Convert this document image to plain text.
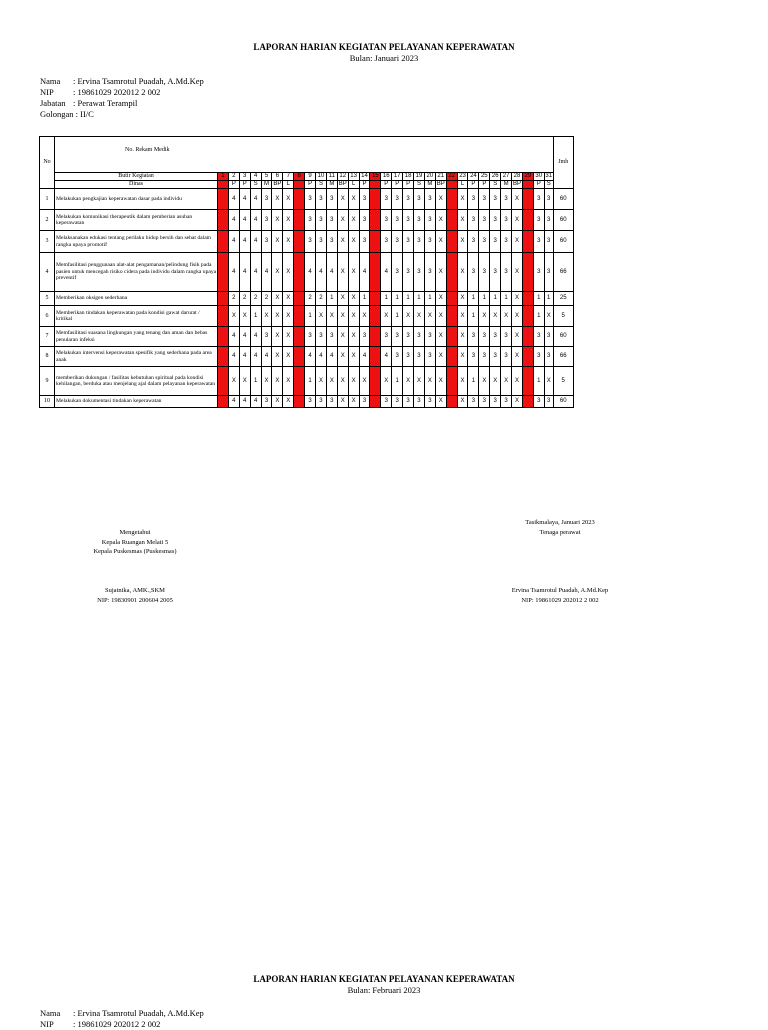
LAPORAN HARIAN KEGIATAN PELAYANAN KEPERAWATAN
Bulan: Januari 2023
Nama	: Ervina Tsamrotul Puadah, A.Md.Kep
NIP	: 19861029 202012 2 002
Jabatan : Perawat Terampil
Golongan
: II/C
No	No. Rekam Medik																																Jmh
	Butir Kegiatan	1	2	3	4	5	6	7	8	9	10	11	12	13	14	15	16	17	18	19	20	21	22	23	24	25	26	27	28	29	30	31	
	Dinas		P	P	S	M	BP	L		P	S	M	BP	L	P		P	P	P	S	M	BP		L	P	P	S	M	BP		P	S	
1	Melakukan pengkajian keperawatan dasar pada individu		4	4	4	3	X	X		3	3	3	X	X	3		3	3	3	3	3	X		X	3	3	3	3	X		3	3	60
2	Melakukan komunikasi therapeutik dalam pemberian asuhan keperawatan		4	4	4	3	X	X		3	3	3	X	X	3		3	3	3	3	3	X		X	3	3	3	3	X		3	3	60
3	Melaksanakan edukasi tentang perilaku hidup bersih dan sehat dalam rangka upaya promotif		4	4	4	3	X	X		3	3	3	X	X	3		3	3	3	3	3	X		X	3	3	3	3	X		3	3	60
4	Memfasilitasi penggunaan alat-alat pengamanan/pelindung fisik pada pasien untuk mencegah risiko cidera pada individu dalam rangka upaya preventif		4	4	4	4	X	X		4	4	4	X	X	4		4	3	3	3	3	X		X	3	3	3	3	X		3	3	66
5	Memberikan oksigen sederhana		2	2	2	2	X	X		2	2	1	X	X	1		1	1	1	1	1	X		X	1	1	1	1	X		1	1	25
6	Memberikan tindakan keperawatan pada kondisi gawat darurat / kritikal		X	X	1	X	X	X		1	X	X	X	X	X		X	1	X	X	X	X		X	1	X	X	X	X		1	X	5
7	Memfasilitasi suasana lingkungan yang tenang dan aman dan bebas penularan infeksi		4	4	4	3	X	X		3	3	3	X	X	3		3	3	3	3	3	X		X	3	3	3	3	X		3	3	60
8	Melakukan intervensi keperawatan spesifik yang sederhana pada area anak		4	4	4	4	X	X		4	4	4	X	X	4		4	3	3	3	3	X		X	3	3	3	3	X		3	3	66
9	memberikan dukungan / fasilitas kebutuhan spiritual pada kondisi kehilangan, berduka atau menjelang ajal dalam pelayanan keperawatan		X	X	1	X	X	X		1	X	X	X	X	X		X	1	X	X	X	X		X	1	X	X	X	X		1	X	5
10	Melakukan dokumentasi tindakan keperawatan		4	4	4	3	X	X		3	3	3	X	X	3		3	3	3	3	3	X		X	3	3	3	3	X		3	3	60
Mengetahui
Kepala Ruangan Melati 5
Kepala Puskesmas (Puskesmas)
Sujatnika, AMK.,SKM
NIP: 19830901 200604 2005
Tasikmalaya, Januari 2023
Tenaga perawat
Ervina Tsamrotul Puadah, A.Md.Kep
NIP: 19861029 202012 2 002
LAPORAN HARIAN KEGIATAN PELAYANAN KEPERAWATAN
Bulan: Februari 2023
Nama	: Ervina Tsamrotul Puadah, A.Md.Kep
NIP	: 19861029 202012 2 002
